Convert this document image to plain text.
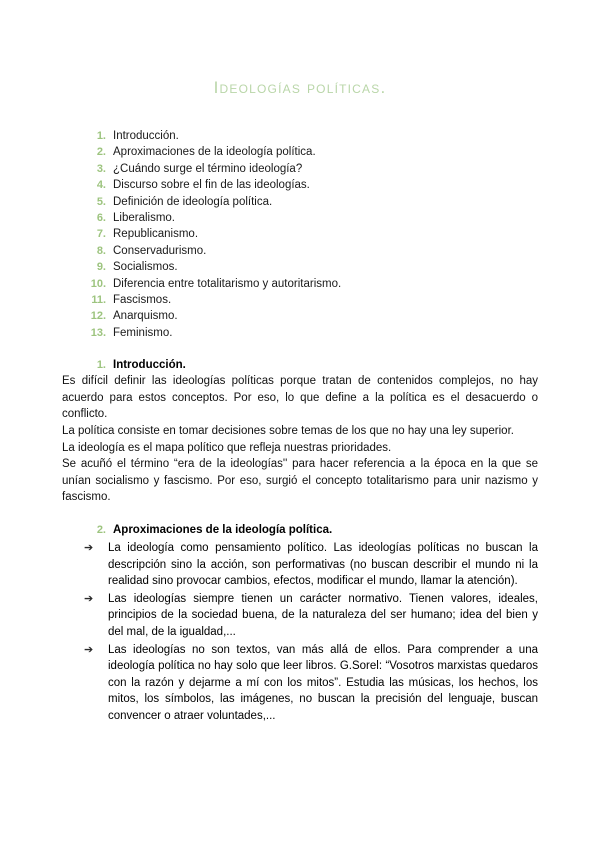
Ideologías políticas.
1. Introducción.
2. Aproximaciones de la ideología política.
3. ¿Cuándo surge el término ideología?
4. Discurso sobre el fin de las ideologías.
5. Definición de ideología política.
6. Liberalismo.
7. Republicanismo.
8. Conservadurismo.
9. Socialismos.
10. Diferencia entre totalitarismo y autoritarismo.
11. Fascismos.
12. Anarquismo.
13. Feminismo.
1. Introducción.

Es difícil definir las ideologías políticas porque tratan de contenidos complejos, no hay acuerdo para estos conceptos. Por eso, lo que define a la política es el desacuerdo o conflicto.

La política consiste en tomar decisiones sobre temas de los que no hay una ley superior.

La ideología es el mapa político que refleja nuestras prioridades.

Se acuñó el término “era de la ideologías'' para hacer referencia a la época en la que se unían socialismo y fascismo. Por eso, surgió el concepto totalitarismo para unir nazismo y fascismo.

2. Aproximaciones de la ideología política.
➔	La ideología como pensamiento político. Las ideologías políticas no buscan la descripción sino la acción, son performativas (no buscan describir el mundo ni la realidad sino provocar cambios, efectos, modificar el mundo, llamar la atención).
➔	Las ideologías siempre tienen un carácter normativo. Tienen valores, ideales, principios de la sociedad buena, de la naturaleza del ser humano; idea del bien y del mal, de la igualdad,...
➔	Las ideologías no son textos, van más allá de ellos. Para comprender a una ideología política no hay solo que leer libros. G.Sorel: “Vosotros marxistas quedaros con la razón y dejarme a mí con los mitos”. Estudia las músicas, los hechos, los mitos, los símbolos, las imágenes, no buscan la precisión del lenguaje, buscan convencer o atraer voluntades,...
